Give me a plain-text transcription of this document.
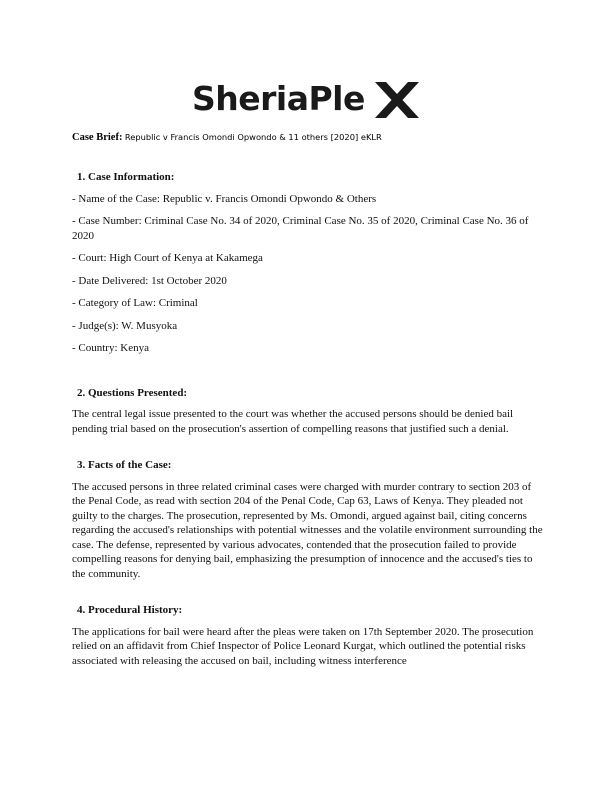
SheriaPle
Case Brief: Republic v Francis Omondi Opwondo & 11 others [2020] eKLR
1. Case Information:
- Name of the Case: Republic v. Francis Omondi Opwondo & Others
- Case Number: Criminal Case No. 34 of 2020, Criminal Case No. 35 of 2020, Criminal Case No. 36 of 2020
- Court: High Court of Kenya at Kakamega
- Date Delivered: 1st October 2020
- Category of Law: Criminal
- Judge(s): W. Musyoka
- Country: Kenya
2. Questions Presented:

The central legal issue presented to the court was whether the accused persons should be denied bail pending trial based on the prosecution's assertion of compelling reasons that justified such a denial.

3. Facts of the Case:

The accused persons in three related criminal cases were charged with murder contrary to section 203 of the Penal Code, as read with section 204 of the Penal Code, Cap 63, Laws of Kenya. They pleaded not guilty to the charges. The prosecution, represented by Ms. Omondi, argued against bail, citing concerns regarding the accused's relationships with potential witnesses and the volatile environment surrounding the case. The defense, represented by various advocates, contended that the prosecution failed to provide compelling reasons for denying bail, emphasizing the presumption of innocence and the accused's ties to the community.

4. Procedural History:

The applications for bail were heard after the pleas were taken on 17th September 2020. The prosecution relied on an affidavit from Chief Inspector of Police Leonard Kurgat, which outlined the potential risks associated with releasing the accused on bail, including witness interference
